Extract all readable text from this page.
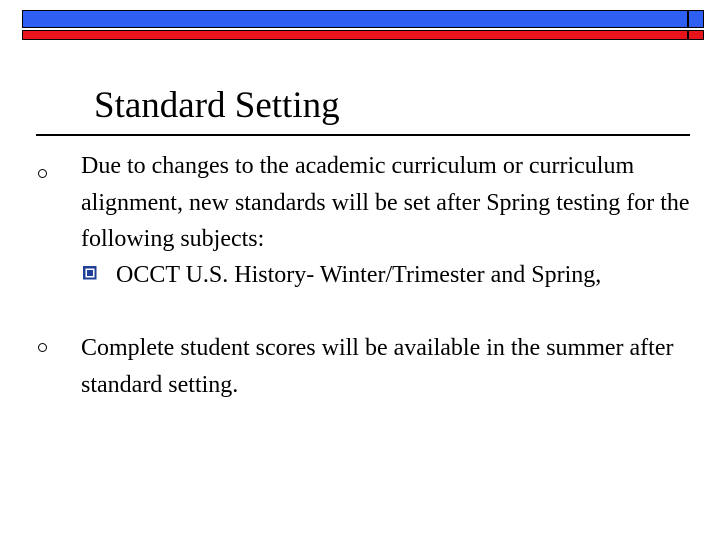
Standard Setting
Due to changes to the academic curriculum or curriculum alignment, new standards will be set after Spring testing for the following subjects:
OCCT U.S. History- Winter/Trimester and Spring,
Complete student scores will be available in the summer after standard setting.
